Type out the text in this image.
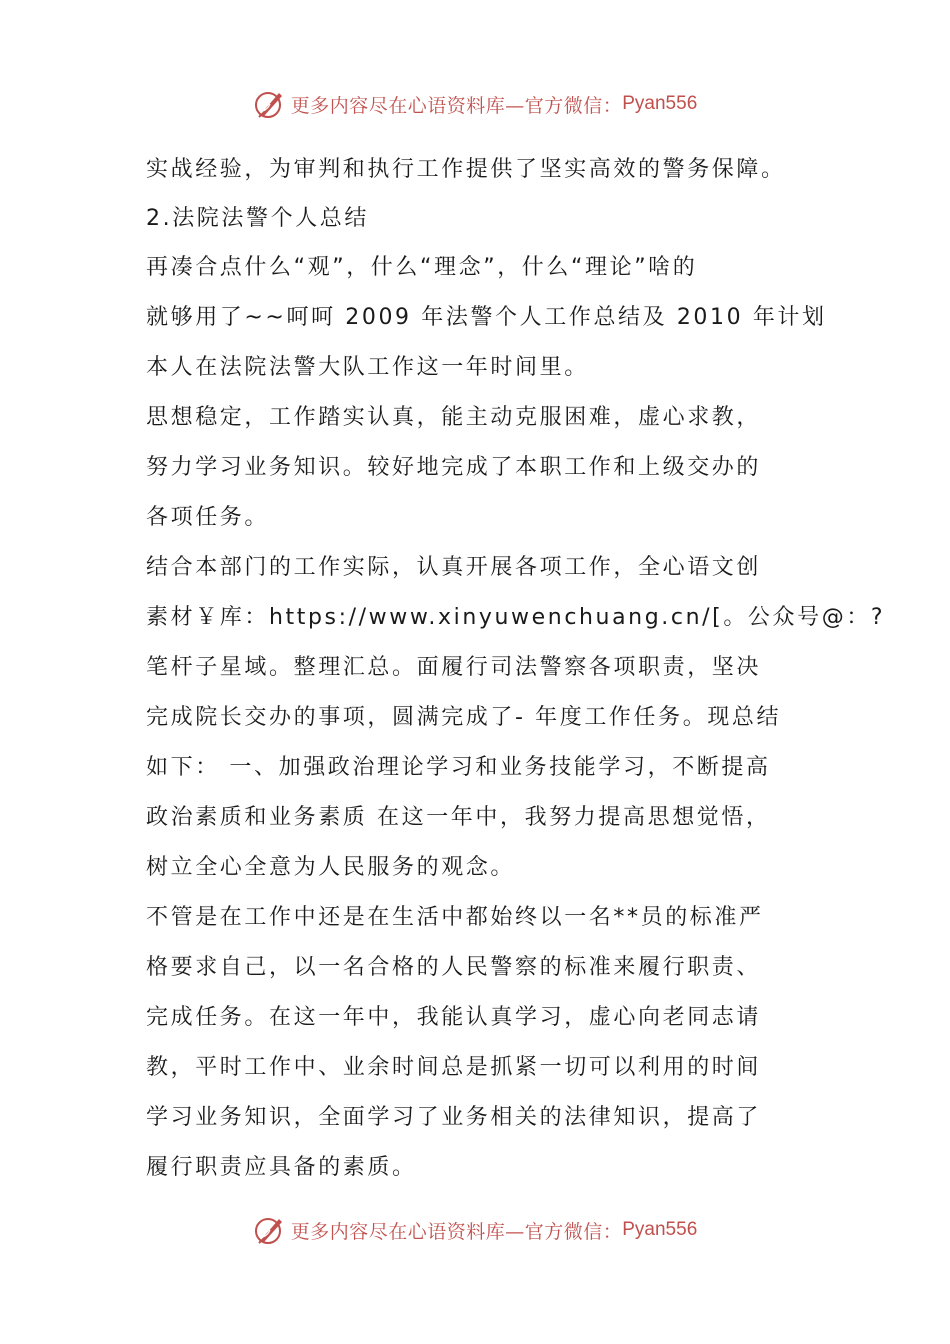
更多内容尽在心语资料库—官方微信： Pyan556
实战经验，为审判和执行工作提供了坚实高效的警务保障。
2.法院法警个人总结
再凑合点什么“观”，什么“理念”，什么“理论”啥的
就够用了~~呵呵 2009 年法警个人工作总结及 2010 年计划
本人在法院法警大队工作这一年时间里。
思想稳定，工作踏实认真，能主动克服困难，虚心求教，
努力学习业务知识。较好地完成了本职工作和上级交办的
各项任务。
结合本部门的工作实际，认真开展各项工作，全心语文创
素材￥库：https://www.xinyuwenchuang.cn/[。公众号@：?
笔杆子星域。整理汇总。面履行司法警察各项职责，坚决
完成院长交办的事项，圆满完成了- 年度工作任务。现总结
如下： 一、加强政治理论学习和业务技能学习，不断提高
政治素质和业务素质 在这一年中，我努力提高思想觉悟，
树立全心全意为人民服务的观念。
不管是在工作中还是在生活中都始终以一名**员的标准严
格要求自己，以一名合格的人民警察的标准来履行职责、
完成任务。在这一年中，我能认真学习，虚心向老同志请
教，平时工作中、业余时间总是抓紧一切可以利用的时间
学习业务知识，全面学习了业务相关的法律知识，提高了
履行职责应具备的素质。
更多内容尽在心语资料库—官方微信： Pyan556
